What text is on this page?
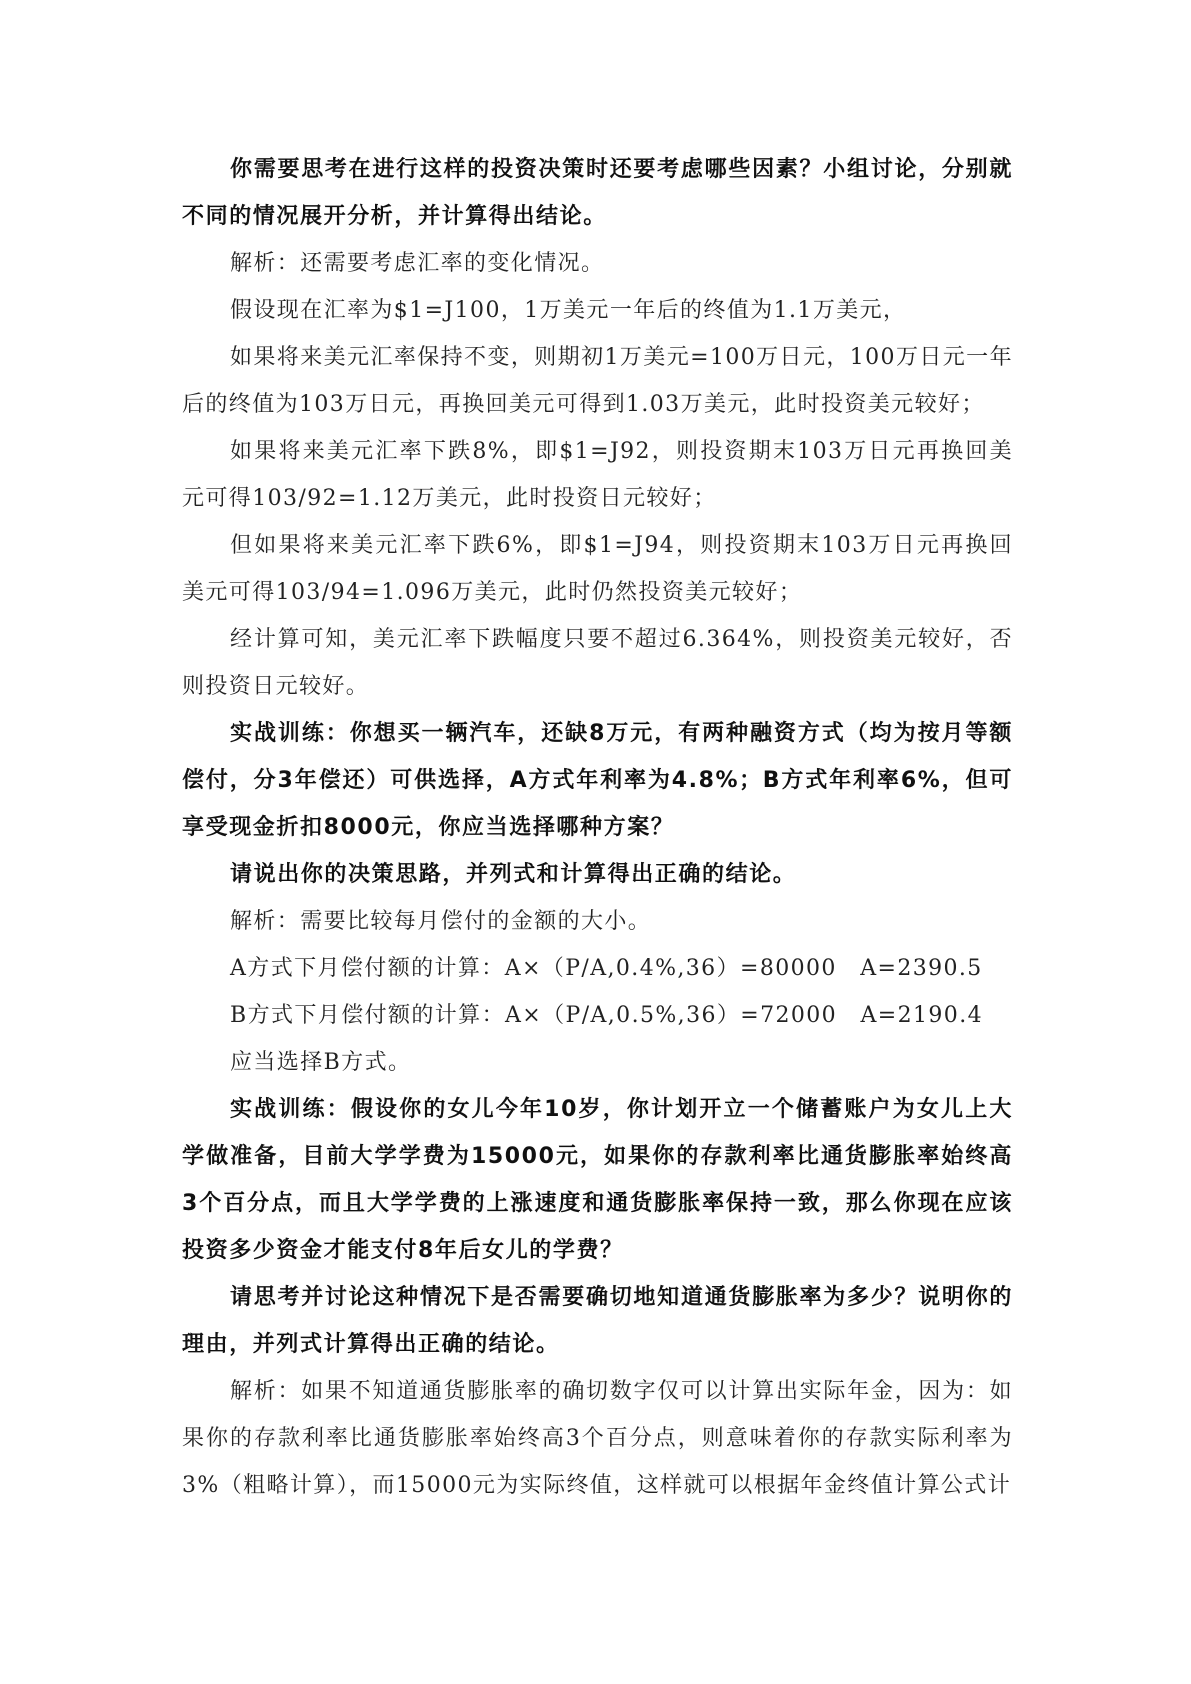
你需要思考在进行这样的投资决策时还要考虑哪些因素？小组讨论，分别就不同的情况展开分析，并计算得出结论。

解析：还需要考虑汇率的变化情况。

假设现在汇率为$1=J100，1万美元一年后的终值为1.1万美元，

如果将来美元汇率保持不变，则期初1万美元=100万日元，100万日元一年后的终值为103万日元，再换回美元可得到1.03万美元，此时投资美元较好；

如果将来美元汇率下跌8%，即$1=J92，则投资期末103万日元再换回美元可得103/92=1.12万美元，此时投资日元较好；

但如果将来美元汇率下跌6%，即$1=J94，则投资期末103万日元再换回美元可得103/94=1.096万美元，此时仍然投资美元较好；

经计算可知，美元汇率下跌幅度只要不超过6.364%，则投资美元较好，否则投资日元较好。

实战训练：你想买一辆汽车，还缺8万元，有两种融资方式（均为按月等额偿付，分3年偿还）可供选择，A方式年利率为4.8%；B方式年利率6%，但可享受现金折扣8000元，你应当选择哪种方案？

请说出你的决策思路，并列式和计算得出正确的结论。

解析：需要比较每月偿付的金额的大小。

A方式下月偿付额的计算：A×（P/A,0.4%,36）=80000　A=2390.5

B方式下月偿付额的计算：A×（P/A,0.5%,36）=72000　A=2190.4

应当选择B方式。

实战训练：假设你的女儿今年10岁，你计划开立一个储蓄账户为女儿上大学做准备，目前大学学费为15000元，如果你的存款利率比通货膨胀率始终高3个百分点，而且大学学费的上涨速度和通货膨胀率保持一致，那么你现在应该投资多少资金才能支付8年后女儿的学费？

请思考并讨论这种情况下是否需要确切地知道通货膨胀率为多少？说明你的理由，并列式计算得出正确的结论。

解析：如果不知道通货膨胀率的确切数字仅可以计算出实际年金，因为：如果你的存款利率比通货膨胀率始终高3个百分点，则意味着你的存款实际利率为3%（粗略计算），而15000元为实际终值，这样就可以根据年金终值计算公式计
